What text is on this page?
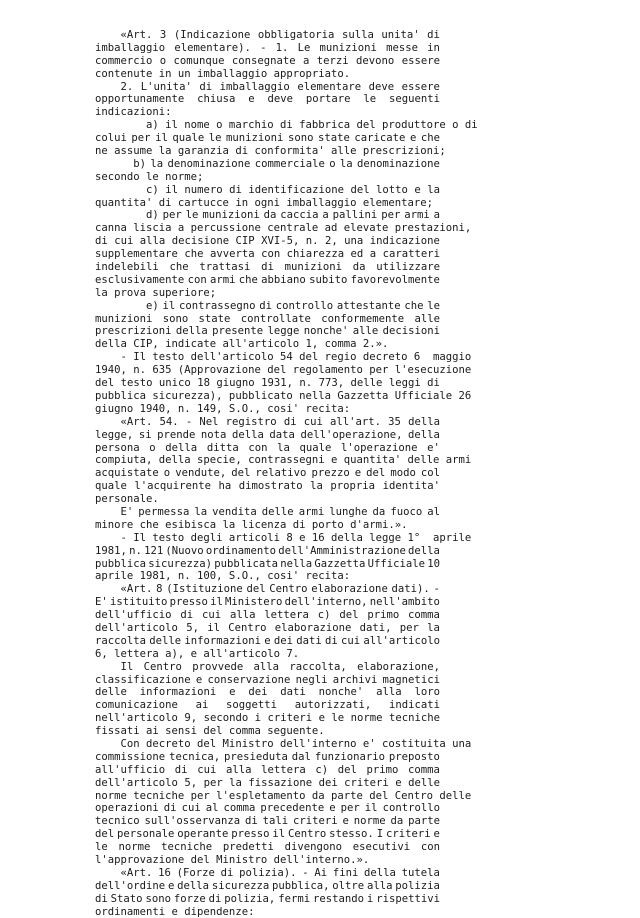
«Art. 3 (Indicazione obbligatoria sulla unita' di
imballaggio elementare). - 1. Le munizioni messe in
commercio o comunque consegnate a terzi devono essere
contenute in un imballaggio appropriato.
2. L'unita' di imballaggio elementare deve essere
opportunamente chiusa e deve portare le seguenti
indicazioni:
a) il nome o marchio di fabbrica del produttore o di
colui per il quale le munizioni sono state caricate e che
ne assume la garanzia di conformita' alle prescrizioni;
b) la denominazione commerciale o la denominazione
secondo le norme;
c) il numero di identificazione del lotto e la
quantita' di cartucce in ogni imballaggio elementare;
d) per le munizioni da caccia a pallini per armi a
canna liscia a percussione centrale ad elevate prestazioni,
di cui alla decisione CIP XVI-5, n. 2, una indicazione
supplementare che avverta con chiarezza ed a caratteri
indelebili che trattasi di munizioni da utilizzare
esclusivamente con armi che abbiano subito favorevolmente
la prova superiore;
e) il contrassegno di controllo attestante che le
munizioni sono state controllate conformemente alle
prescrizioni della presente legge nonche' alle decisioni
della CIP, indicate all'articolo 1, comma 2.».
- Il testo dell'articolo 54 del regio decreto 6  maggio
1940, n. 635 (Approvazione del regolamento per l'esecuzione
del testo unico 18 giugno 1931, n. 773, delle leggi di
pubblica sicurezza), pubblicato nella Gazzetta Ufficiale 26
giugno 1940, n. 149, S.O., cosi' recita:
«Art. 54. - Nel registro di cui all'art. 35 della
legge, si prende nota della data dell'operazione, della
persona o della ditta con la quale l'operazione e'
compiuta, della specie, contrassegni e quantita' delle armi
acquistate o vendute, del relativo prezzo e del modo col
quale l'acquirente ha dimostrato la propria identita'
personale.
E' permessa la vendita delle armi lunghe da fuoco al
minore che esibisca la licenza di porto d'armi.».
- Il testo degli articoli 8 e 16 della legge 1°  aprile
1981, n. 121 (Nuovo ordinamento dell'Amministrazione della
pubblica sicurezza) pubblicata nella Gazzetta Ufficiale 10
aprile 1981, n. 100, S.O., cosi' recita:
«Art. 8 (Istituzione del Centro elaborazione dati). -
E' istituito presso il Ministero dell'interno, nell'ambito
dell'ufficio di cui alla lettera c) del primo comma
dell'articolo 5, il Centro elaborazione dati, per la
raccolta delle informazioni e dei dati di cui all'articolo
6, lettera a), e all'articolo 7.
Il Centro provvede alla raccolta, elaborazione,
classificazione e conservazione negli archivi magnetici
delle informazioni e dei dati nonche' alla loro
comunicazione ai soggetti autorizzati, indicati
nell'articolo 9, secondo i criteri e le norme tecniche
fissati ai sensi del comma seguente.
Con decreto del Ministro dell'interno e' costituita una
commissione tecnica, presieduta dal funzionario preposto
all'ufficio di cui alla lettera c) del primo comma
dell'articolo 5, per la fissazione dei criteri e delle
norme tecniche per l'espletamento da parte del Centro delle
operazioni di cui al comma precedente e per il controllo
tecnico sull'osservanza di tali criteri e norme da parte
del personale operante presso il Centro stesso. I criteri e
le norme tecniche predetti divengono esecutivi con
l'approvazione del Ministro dell'interno.».
«Art. 16 (Forze di polizia). - Ai fini della tutela
dell'ordine e della sicurezza pubblica, oltre alla polizia
di Stato sono forze di polizia, fermi restando i rispettivi
ordinamenti e dipendenze:
